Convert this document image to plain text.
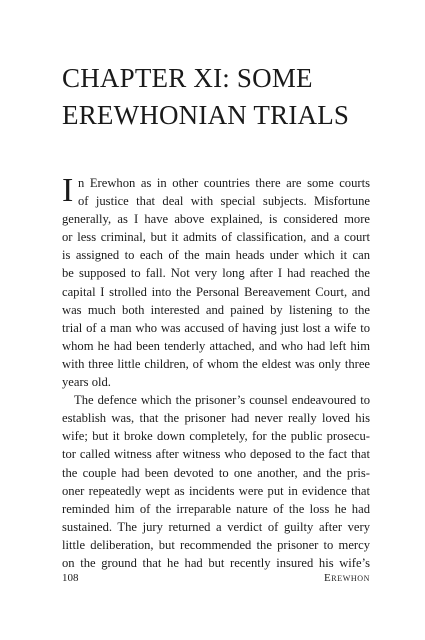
CHAPTER XI: SOME
EREWHONIAN TRIALS

I n Erewhon as in other countries there are some courts

of justice that deal with special subjects. Misfortune

generally, as I have above explained, is considered more

or less criminal, but it admits of classification, and a court

is assigned to each of the main heads under which it can

be supposed to fall. Not very long after I had reached the

capital I strolled into the Personal Bereavement Court, and

was much both interested and pained by listening to the

trial of a man who was accused of having just lost a wife to

whom he had been tenderly attached, and who had left him

with three little children, of whom the eldest was only three

years old.

The defence which the prisoner’s counsel endeavoured to

establish was, that the prisoner had never really loved his

wife; but it broke down completely, for the public prosecu-

tor called witness after witness who deposed to the fact that

the couple had been devoted to one another, and the pris-

oner repeatedly wept as incidents were put in evidence that

reminded him of the irreparable nature of the loss he had

sustained. The jury returned a verdict of guilty after very

little deliberation, but recommended the prisoner to mercy

on the ground that he had but recently insured his wife’s

108	Erewhon
